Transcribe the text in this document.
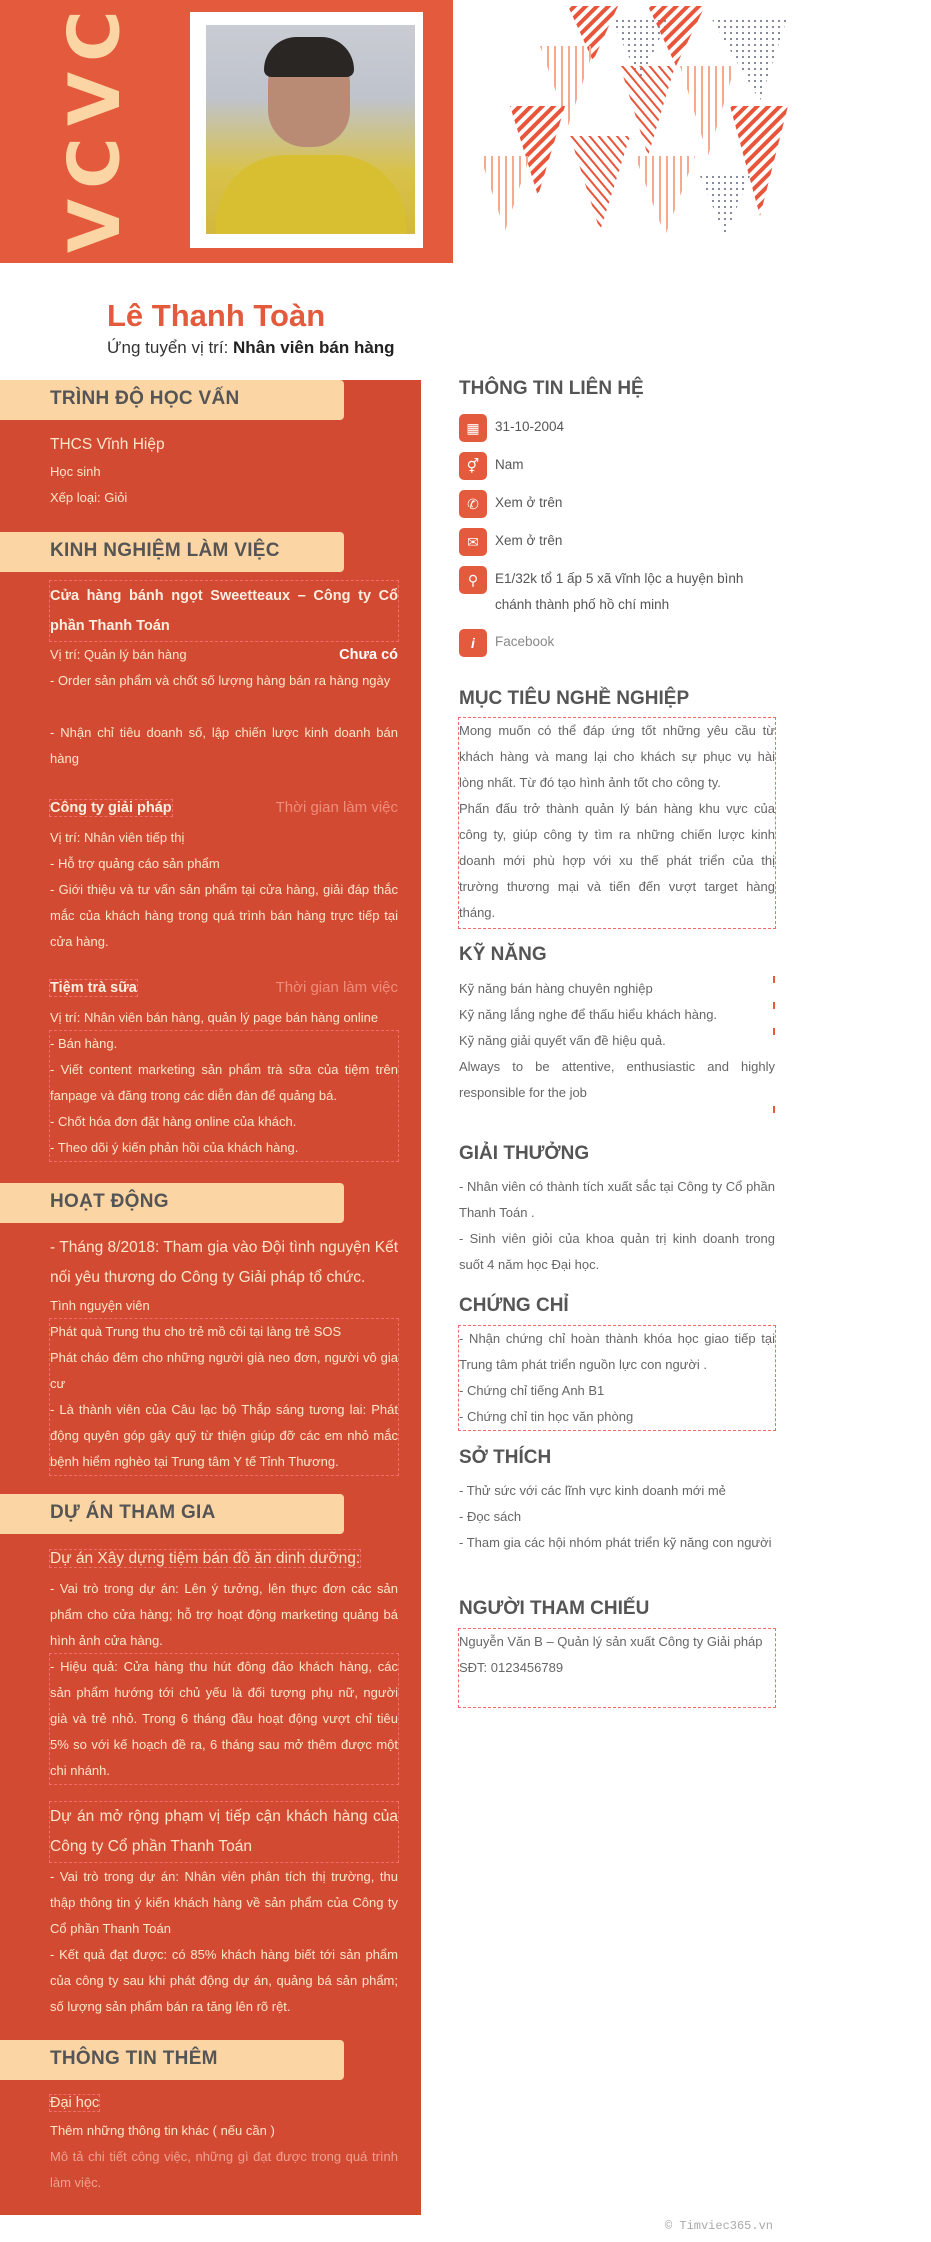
C
V
C
V
Lê Thanh Toàn
Ứng tuyển vị trí: Nhân viên bán hàng
TRÌNH ĐỘ HỌC VẤN
THCS Vĩnh Hiệp
Học sinh
Xếp loại: Giỏi
KINH NGHIỆM LÀM VIỆC
Cửa hàng bánh ngọt Sweetteaux – Công ty Cổ phần Thanh Toán
Vị trí: Quản lý bán hàng	Chưa có
- Order sản phẩm và chốt số lượng hàng bán ra hàng ngày
- Nhận chỉ tiêu doanh số, lập chiến lược kinh doanh bán hàng
Công ty giải pháp	Thời gian làm việc
Vị trí: Nhân viên tiếp thị
- Hỗ trợ quảng cáo sản phẩm
- Giới thiệu và tư vấn sản phẩm tại cửa hàng, giải đáp thắc mắc của khách hàng trong quá trình bán hàng trực tiếp tại cửa hàng.
Tiệm trà sữa	Thời gian làm việc
Vị trí: Nhân viên bán hàng, quản lý page bán hàng online
- Bán hàng.
- Viết content marketing sản phẩm trà sữa của tiệm trên fanpage và đăng trong các diễn đàn để quảng bá.
- Chốt hóa đơn đặt hàng online của khách.
- Theo dõi ý kiến phản hồi của khách hàng.
HOẠT ĐỘNG
- Tháng 8/2018: Tham gia vào Đội tình nguyện Kết nối yêu thương do Công ty Giải pháp tổ chức.
Tình nguyện viên
Phát quà Trung thu cho trẻ mồ côi tại làng trẻ SOS
Phát cháo đêm cho những người già neo đơn, người vô gia cư
- Là thành viên của Câu lạc bộ Thắp sáng tương lai: Phát động quyên góp gây quỹ từ thiện giúp đỡ các em nhỏ mắc bệnh hiểm nghèo tại Trung tâm Y tế Tỉnh Thương.
DỰ ÁN THAM GIA
Dự án Xây dựng tiệm bán đồ ăn dinh dưỡng:
- Vai trò trong dự án: Lên ý tưởng, lên thực đơn các sản phẩm cho cửa hàng; hỗ trợ hoạt động marketing quảng bá hình ảnh cửa hàng.
- Hiệu quả: Cửa hàng thu hút đông đảo khách hàng, các sản phẩm hướng tới chủ yếu là đối tượng phụ nữ, người già và trẻ nhỏ. Trong 6 tháng đầu hoạt động vượt chỉ tiêu 5% so với kế hoạch đề ra, 6 tháng sau mở thêm được một chi nhánh.
Dự án mở rộng phạm vị tiếp cận khách hàng của Công ty Cổ phần Thanh Toán
- Vai trò trong dự án: Nhân viên phân tích thị trường, thu thập thông tin ý kiến khách hàng về sản phẩm của Công ty Cổ phần Thanh Toán
- Kết quả đạt được: có 85% khách hàng biết tới sản phẩm của công ty sau khi phát động dự án, quảng bá sản phẩm; số lượng sản phẩm bán ra tăng lên rõ rệt.
THÔNG TIN THÊM
Đại học
Thêm những thông tin khác ( nếu cần )
Mô tả chi tiết công việc, những gì đạt được trong quá trình làm việc.
THÔNG TIN LIÊN HỆ
▦	31-10-2004
⚥	Nam
✆	Xem ở trên
✉	Xem ở trên
⚲	E1/32k tổ 1 ấp 5 xã vĩnh lộc a huyện bình chánh thành phố hồ chí minh
i	Facebook
MỤC TIÊU NGHỀ NGHIỆP
Mong muốn có thể đáp ứng tốt những yêu cầu từ khách hàng và mang lại cho khách sự phục vụ hài lòng nhất. Từ đó tạo hình ảnh tốt cho công ty.
Phấn đấu trở thành quản lý bán hàng khu vực của công ty, giúp công ty tìm ra những chiến lược kinh doanh mới phù hợp với xu thế phát triển của thị trường thương mại và tiến đến vượt target hàng tháng.
KỸ NĂNG
Kỹ năng bán hàng chuyên nghiệp
Kỹ năng lắng nghe để thấu hiểu khách hàng.
Kỹ năng giải quyết vấn đề hiệu quả.
Always to be attentive, enthusiastic and highly responsible for the job
GIẢI THƯỞNG
- Nhân viên có thành tích xuất sắc tại Công ty Cổ phần Thanh Toán .
- Sinh viên giỏi của khoa quản trị kinh doanh trong suốt 4 năm học Đại học.
CHỨNG CHỈ
- Nhận chứng chỉ hoàn thành khóa học giao tiếp tại Trung tâm phát triển nguồn lực con người .
- Chứng chỉ tiếng Anh B1
- Chứng chỉ tin học văn phòng
SỞ THÍCH
- Thử sức với các lĩnh vực kinh doanh mới mẻ
- Đọc sách
- Tham gia các hội nhóm phát triển kỹ năng con người
NGƯỜI THAM CHIẾU
Nguyễn Văn B – Quản lý sản xuất Công ty Giải pháp
SĐT: 0123456789
© Timviec365.vn
